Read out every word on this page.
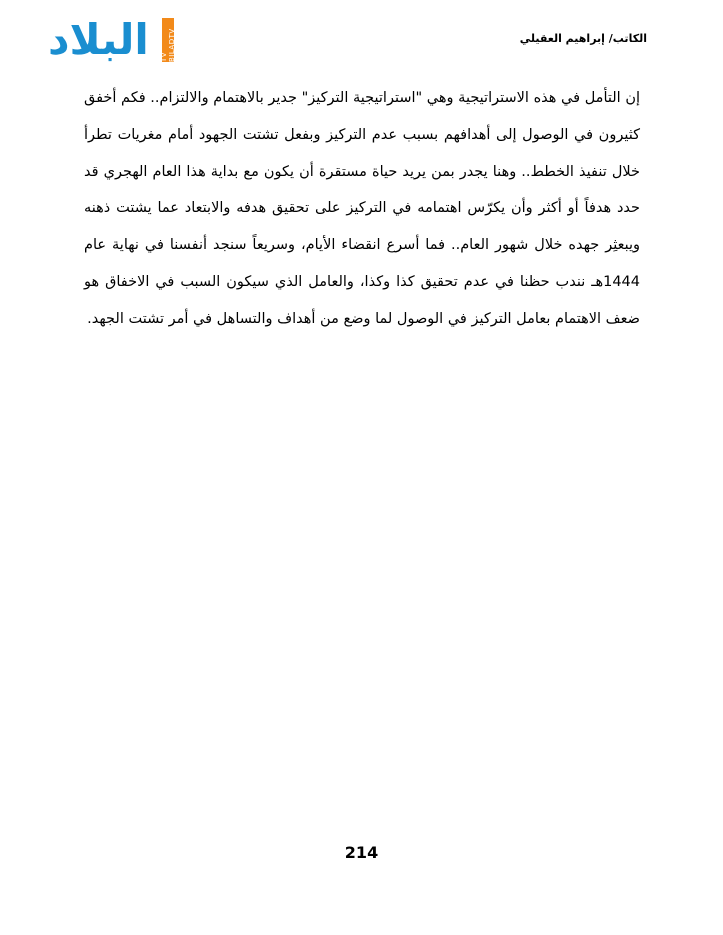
البلاد TV BILADTV	الكاتب/ إبراهيم العقيلي

إن التأمل في هذه الاستراتيجية وهي "استراتيجية التركيز" جدير بالاهتمام والالتزام.. فكم أخفق كثيرون في الوصول إلى أهدافهم بسبب عدم التركيز وبفعل تشتت الجهود أمام مغريات تطرأ خلال تنفيذ الخطط.. وهنا يجدر بمن يريد حياة مستقرة أن يكون مع بداية هذا العام الهجري قد حدد هدفاً أو أكثر وأن يكرّس اهتمامه في التركيز على تحقيق هدفه والابتعاد عما يشتت ذهنه ويبعثِر جهده خلال شهور العام.. فما أسرع انقضاء الأيام، وسريعاً سنجد أنفسنا في نهاية عام 1444هـ نندب حظنا في عدم تحقيق كذا وكذا، والعامل الذي سيكون السبب في الاخفاق هو ضعف الاهتمام بعامل التركيز في الوصول لما وضع من أهداف والتساهل في أمر تشتت الجهد.

214
